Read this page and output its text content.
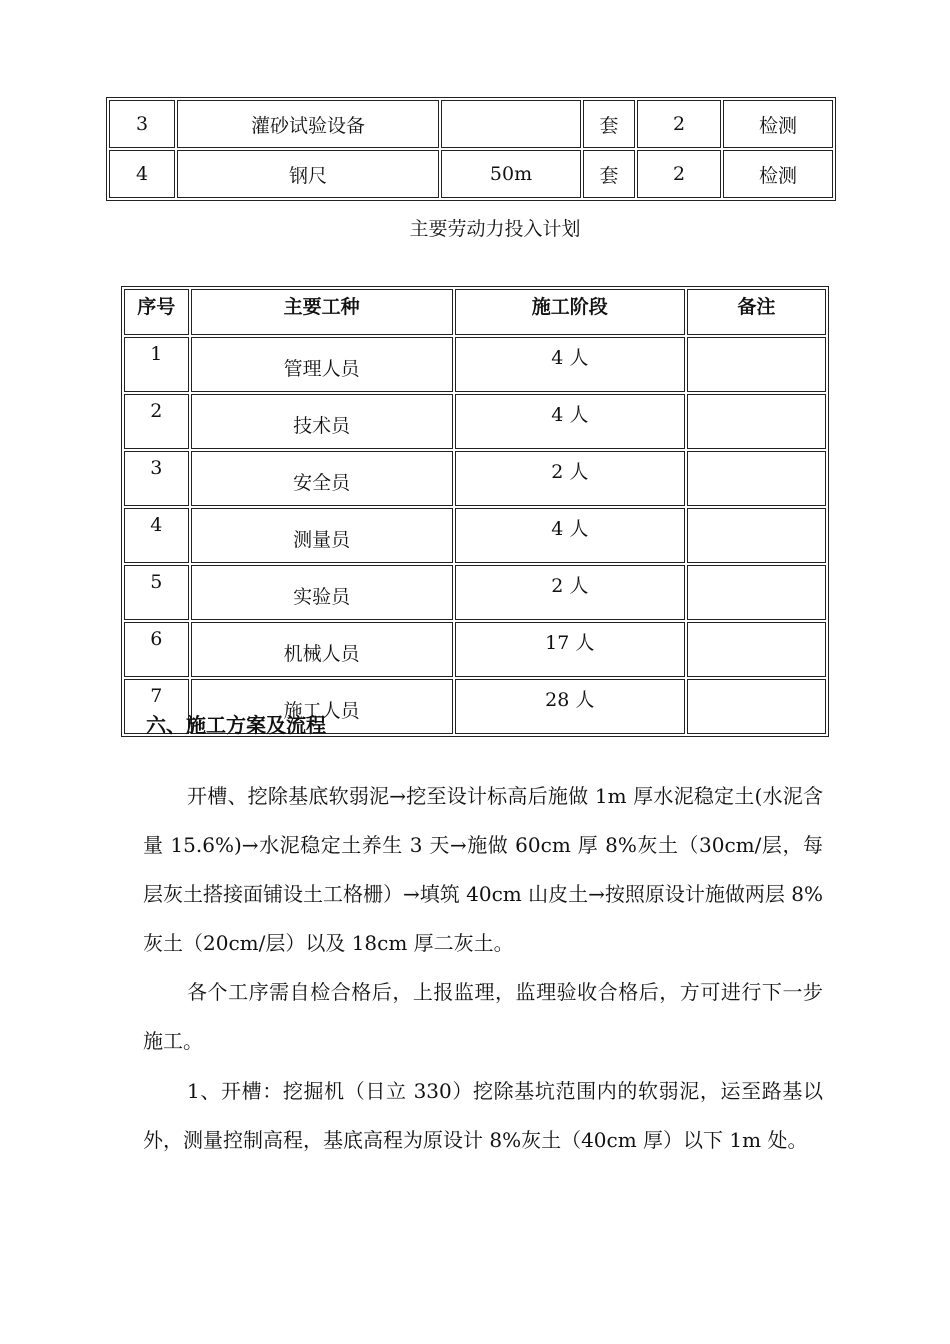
3	灌砂试验设备		套	2	检测
4	钢尺	50m	套	2	检测
主要劳动力投入计划
序号	主要工种	施工阶段	备注
1	管理人员	4 人	
2	技术员	4 人	
3	安全员	2 人	
4	测量员	4 人	
5	实验员	2 人	
6	机械人员	17 人	
7	施工人员	28 人	
六、施工方案及流程

开槽、挖除基底软弱泥→挖至设计标高后施做 1m 厚水泥稳定土(水泥含量 15.6%)→水泥稳定土养生 3 天→施做 60cm 厚 8%灰土（30cm/层，每层灰土搭接面铺设土工格栅）→填筑 40cm 山皮土→按照原设计施做两层 8%灰土（20cm/层）以及 18cm 厚二灰土。

各个工序需自检合格后，上报监理，监理验收合格后，方可进行下一步施工。

1、开槽：挖掘机（日立 330）挖除基坑范围内的软弱泥，运至路基以外，测量控制高程，基底高程为原设计 8%灰土（40cm 厚）以下 1m 处。
